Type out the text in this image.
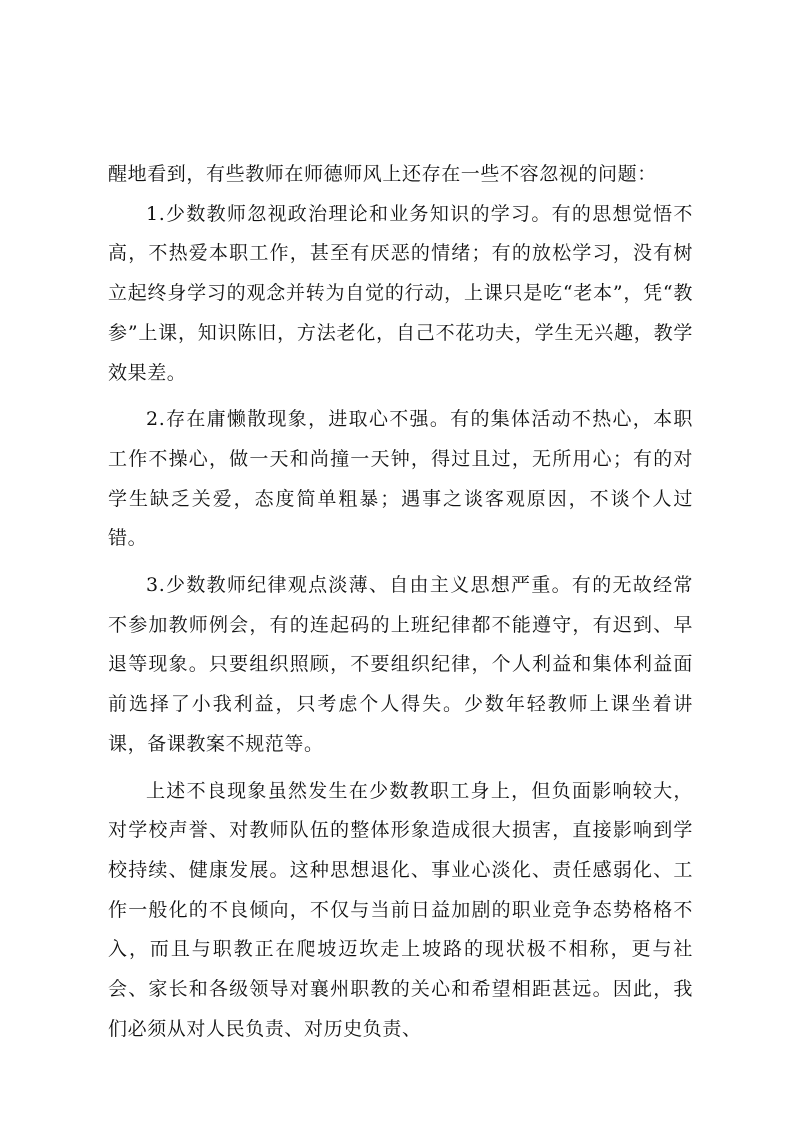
醒地看到，有些教师在师德师风上还存在一些不容忽视的问题：

1.少数教师忽视政治理论和业务知识的学习。有的思想觉悟不高，不热爱本职工作，甚至有厌恶的情绪；有的放松学习，没有树立起终身学习的观念并转为自觉的行动，上课只是吃“老本”，凭“教参”上课，知识陈旧，方法老化，自己不花功夫，学生无兴趣，教学效果差。

2.存在庸懒散现象，进取心不强。有的集体活动不热心，本职工作不操心，做一天和尚撞一天钟，得过且过，无所用心；有的对学生缺乏关爱，态度简单粗暴；遇事之谈客观原因，不谈个人过错。

3.少数教师纪律观点淡薄、自由主义思想严重。有的无故经常不参加教师例会，有的连起码的上班纪律都不能遵守，有迟到、早退等现象。只要组织照顾，不要组织纪律，个人利益和集体利益面前选择了小我利益，只考虑个人得失。少数年轻教师上课坐着讲课，备课教案不规范等。

上述不良现象虽然发生在少数教职工身上，但负面影响较大，对学校声誉、对教师队伍的整体形象造成很大损害，直接影响到学校持续、健康发展。这种思想退化、事业心淡化、责任感弱化、工作一般化的不良倾向，不仅与当前日益加剧的职业竞争态势格格不入，而且与职教正在爬坡迈坎走上坡路的现状极不相称，更与社会、家长和各级领导对襄州职教的关心和希望相距甚远。因此，我们必须从对人民负责、对历史负责、
